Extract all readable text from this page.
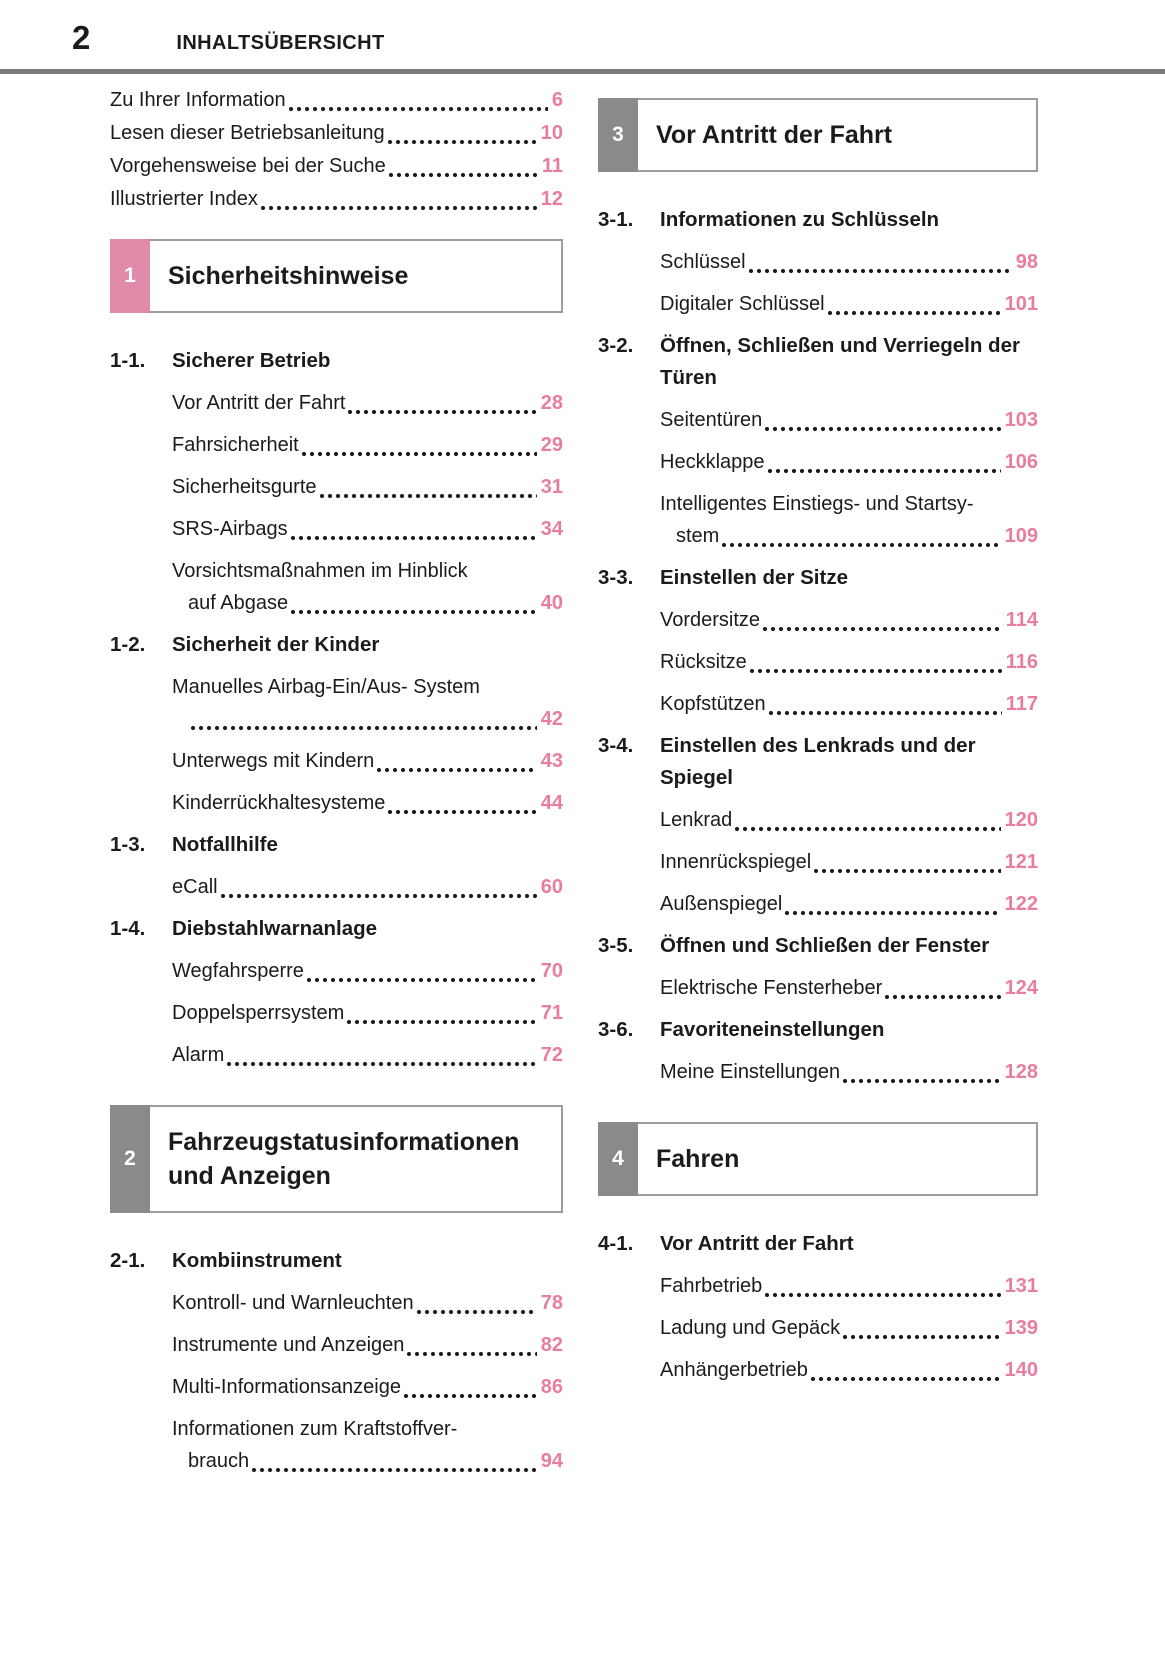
2	INHALTSÜBERSICHT
Zu Ihrer Information	6
Lesen dieser Betriebsanleitung	10
Vorgehensweise bei der Suche	11
Illustrierter Index	12
1	Sicherheitshinweise
1-1.	Sicherer Betrieb
Vor Antritt der Fahrt	28
Fahrsicherheit	29
Sicherheitsgurte	31
SRS-Airbags	34
Vorsichtsmaßnahmen im Hinblick
auf Abgase	40
1-2.	Sicherheit der Kinder
Manuelles Airbag-Ein/Aus- System
42
Unterwegs mit Kindern	43
Kinderrückhaltesysteme	44
1-3.	Notfallhilfe
eCall	60
1-4.	Diebstahlwarnanlage
Wegfahrsperre	70
Doppelsperrsystem	71
Alarm	72
2
Fahrzeugstatusinformationen und Anzeigen
2-1.	Kombiinstrument
Kontroll- und Warnleuchten	78
Instrumente und Anzeigen	82
Multi-Informationsanzeige	86
Informationen zum Kraftstoffver-
brauch	94
3	Vor Antritt der Fahrt
3-1.	Informationen zu Schlüsseln
Schlüssel	98
Digitaler Schlüssel	101
3-2.	Öffnen, Schließen und Verriegeln der Türen
Seitentüren	103
Heckklappe	106
Intelligentes Einstiegs- und Startsy-
stem	109
3-3.	Einstellen der Sitze
Vordersitze	114
Rücksitze	116
Kopfstützen	117
3-4.	Einstellen des Lenkrads und der Spiegel
Lenkrad	120
Innenrückspiegel	121
Außenspiegel	122
3-5.	Öffnen und Schließen der Fenster
Elektrische Fensterheber	124
3-6.	Favoriteneinstellungen
Meine Einstellungen	128
4	Fahren
4-1.	Vor Antritt der Fahrt
Fahrbetrieb	131
Ladung und Gepäck	139
Anhängerbetrieb	140
